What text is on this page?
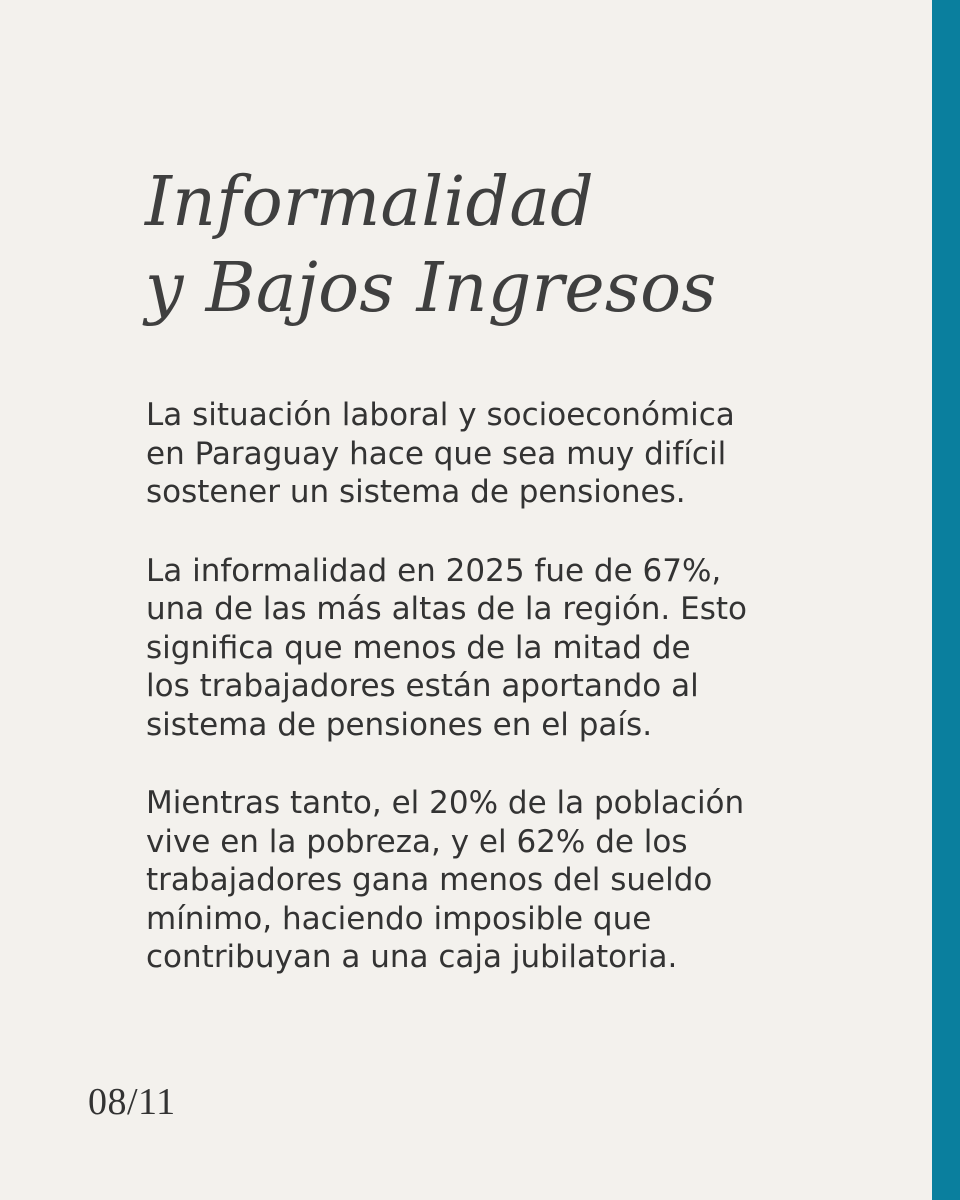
Informalidad
y Bajos Ingresos

La situación laboral y socioeconómica
en Paraguay hace que sea muy difícil
sostener un sistema de pensiones.

La informalidad en 2025 fue de 67%,
una de las más altas de la región. Esto
significa que menos de la mitad de
los trabajadores están aportando al
sistema de pensiones en el país.

Mientras tanto, el 20% de la población
vive en la pobreza, y el 62% de los
trabajadores gana menos del sueldo
mínimo, haciendo imposible que
contribuyan a una caja jubilatoria.

08/11
